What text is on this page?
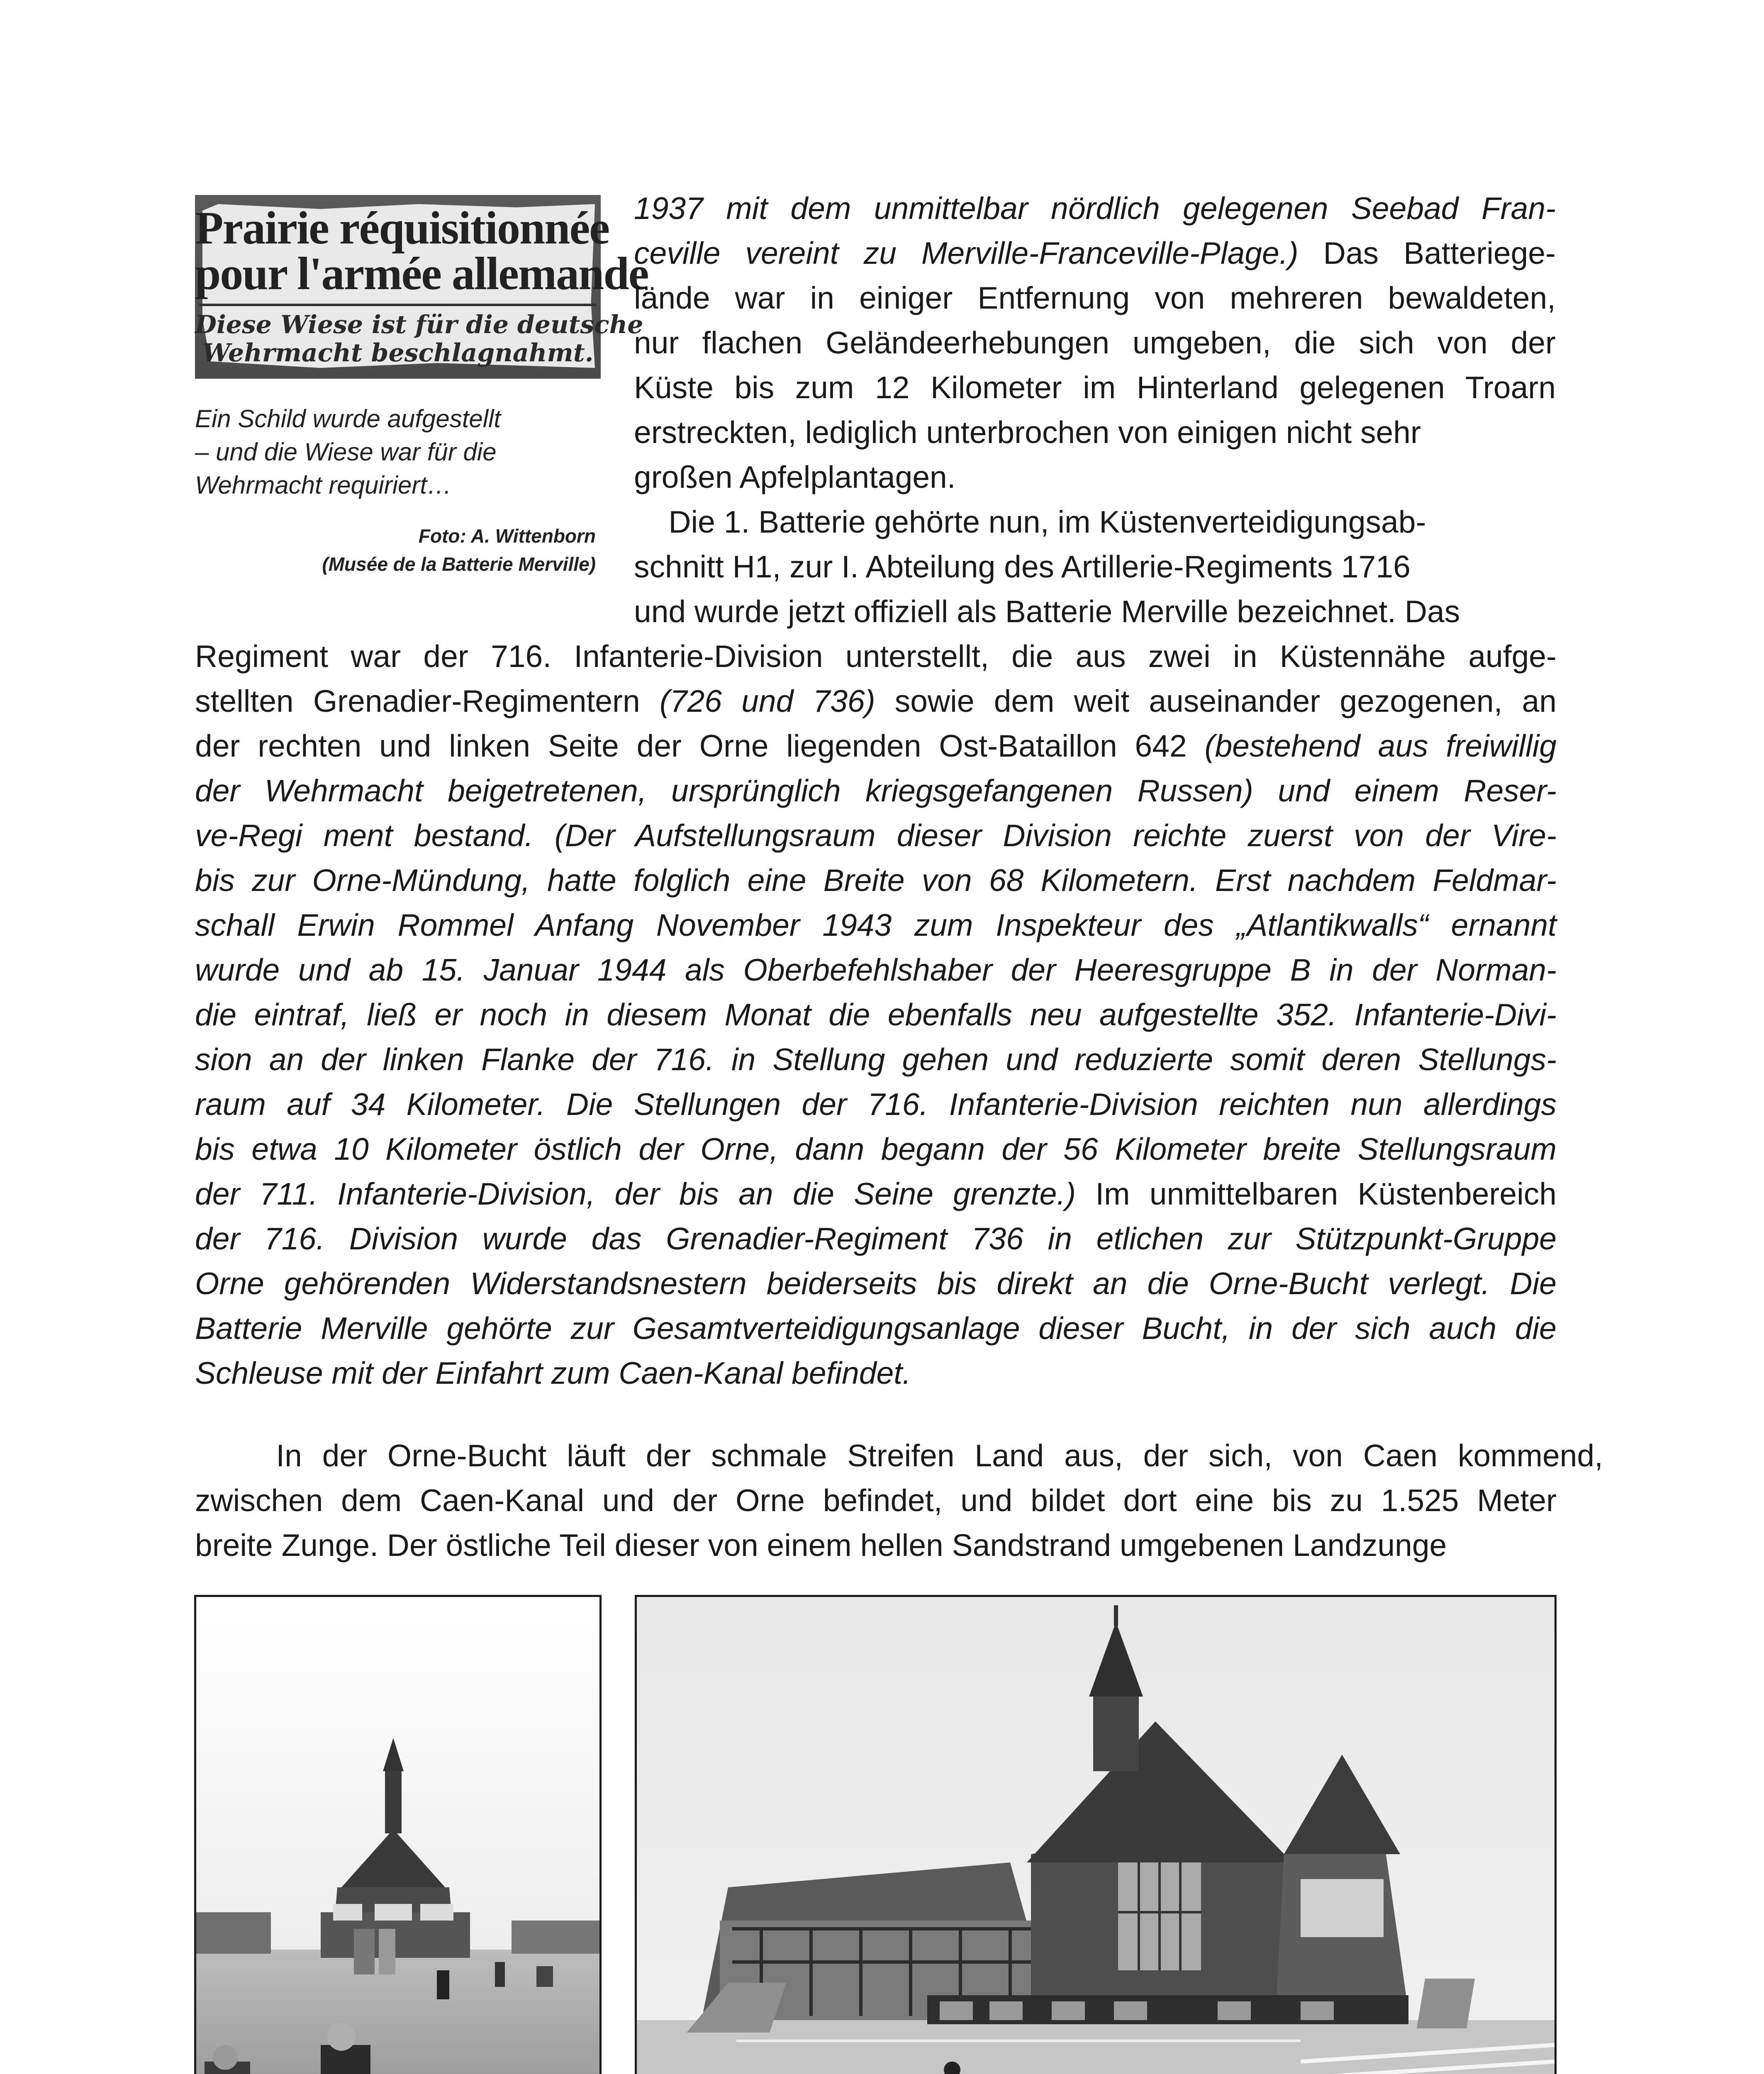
Prairie réquisitionnée
pour l'armée allemande
Diese Wiese ist für die deutsche
Wehrmacht beschlagnahmt.
Ein Schild wurde aufgestellt
– und die Wiese war für die
Wehrmacht requiriert…
Foto: A. Wittenborn
(Musée de la Batterie Merville)
1937 mit dem unmittelbar nördlich gelegenen Seebad Fran-
ceville vereint zu Merville-Franceville-Plage.) Das Batteriege-
lände war in einiger Entfernung von mehreren bewaldeten,
nur flachen Geländeerhebungen umgeben, die sich von der
Küste bis zum 12 Kilometer im Hinterland gelegenen Troarn
erstreckten, lediglich unterbrochen von einigen nicht sehr
großen Apfelplantagen.
Die 1. Batterie gehörte nun, im Küstenverteidigungsab-
schnitt H1, zur I. Abteilung des Artillerie-Regiments 1716
und wurde jetzt offiziell als Batterie Merville bezeichnet. Das
Regiment war der 716. Infanterie-Division unterstellt, die aus zwei in Küstennähe aufge-
stellten Grenadier-Regimentern (726 und 736) sowie dem weit auseinander gezogenen, an
der rechten und linken Seite der Orne liegenden Ost-Bataillon 642 (bestehend aus freiwillig
der Wehrmacht beigetretenen, ursprünglich kriegsgefangenen Russen) und einem Reser-
ve-Regi ment bestand. (Der Aufstellungsraum dieser Division reichte zuerst von der Vire-
bis zur Orne-Mündung, hatte folglich eine Breite von 68 Kilometern. Erst nachdem Feldmar-
schall Erwin Rommel Anfang November 1943 zum Inspekteur des „Atlantikwalls“ ernannt
wurde und ab 15. Januar 1944 als Oberbefehlshaber der Heeresgruppe B in der Norman-
die eintraf, ließ er noch in diesem Monat die ebenfalls neu aufgestellte 352. Infanterie-Divi-
sion an der linken Flanke der 716. in Stellung gehen und reduzierte somit deren Stellungs-
raum auf 34 Kilometer. Die Stellungen der 716. Infanterie-Division reichten nun allerdings
bis etwa 10 Kilometer östlich der Orne, dann begann der 56 Kilometer breite Stellungsraum
der 711. Infanterie-Division, der bis an die Seine grenzte.) Im unmittelbaren Küstenbereich
der 716. Division wurde das Grenadier-Regiment 736 in etlichen zur Stützpunkt-Gruppe
Orne gehörenden Widerstandsnestern beiderseits bis direkt an die Orne-Bucht verlegt. Die
Batterie Merville gehörte zur Gesamtverteidigungsanlage dieser Bucht, in der sich auch die
Schleuse mit der Einfahrt zum Caen-Kanal befindet.
In der Orne-Bucht läuft der schmale Streifen Land aus, der sich, von Caen kommend,
zwischen dem Caen-Kanal und der Orne befindet, und bildet dort eine bis zu 1.525 Meter
breite Zunge. Der östliche Teil dieser von einem hellen Sandstrand umgebenen Landzunge
